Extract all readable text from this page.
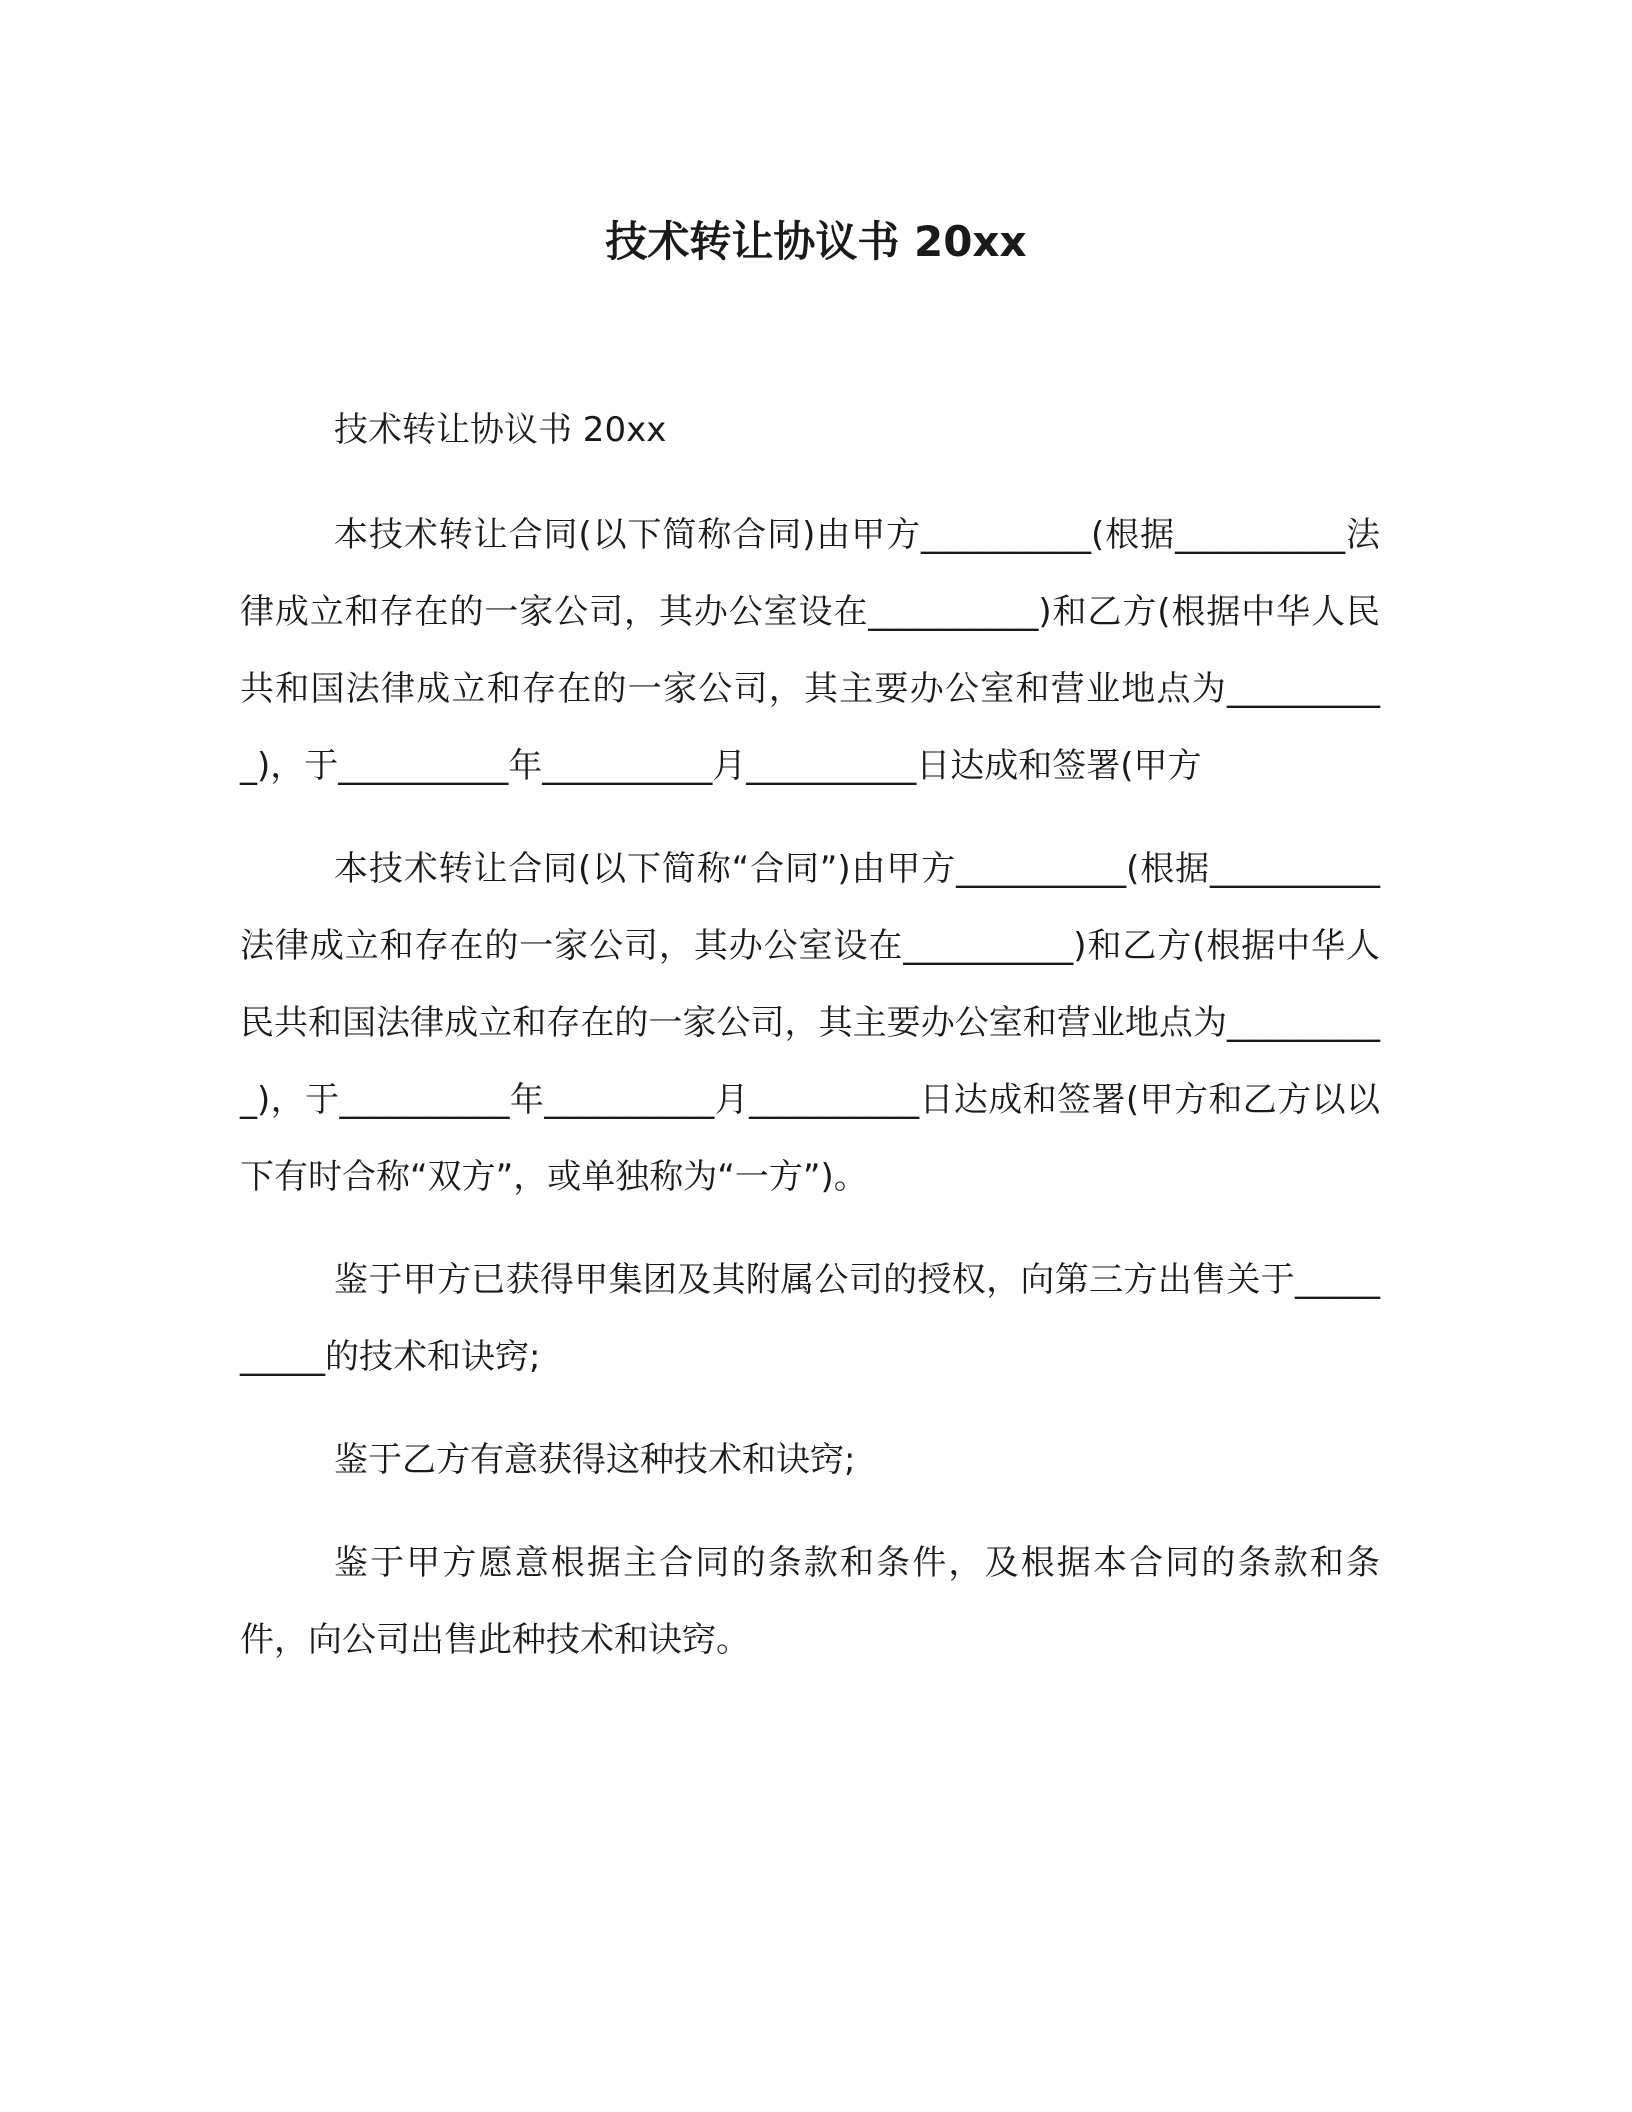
技术转让协议书 20xx
技术转让协议书 20xx

本技术转让合同(以下简称合同)由甲方__________(根据__________法律成立和存在的一家公司，其办公室设在__________)和乙方(根据中华人民共和国法律成立和存在的一家公司，其主要办公室和营业地点为__________)，于__________年__________月__________日达成和签署(甲方

本技术转让合同(以下简称“合同”)由甲方__________(根据__________法律成立和存在的一家公司，其办公室设在__________)和乙方(根据中华人民共和国法律成立和存在的一家公司，其主要办公室和营业地点为__________)，于__________年__________月__________日达成和签署(甲方和乙方以以下有时合称“双方”，或单独称为“一方”)。

鉴于甲方已获得甲集团及其附属公司的授权，向第三方出售关于__________的技术和诀窍;

鉴于乙方有意获得这种技术和诀窍;

鉴于甲方愿意根据主合同的条款和条件，及根据本合同的条款和条件，向公司出售此种技术和诀窍。
